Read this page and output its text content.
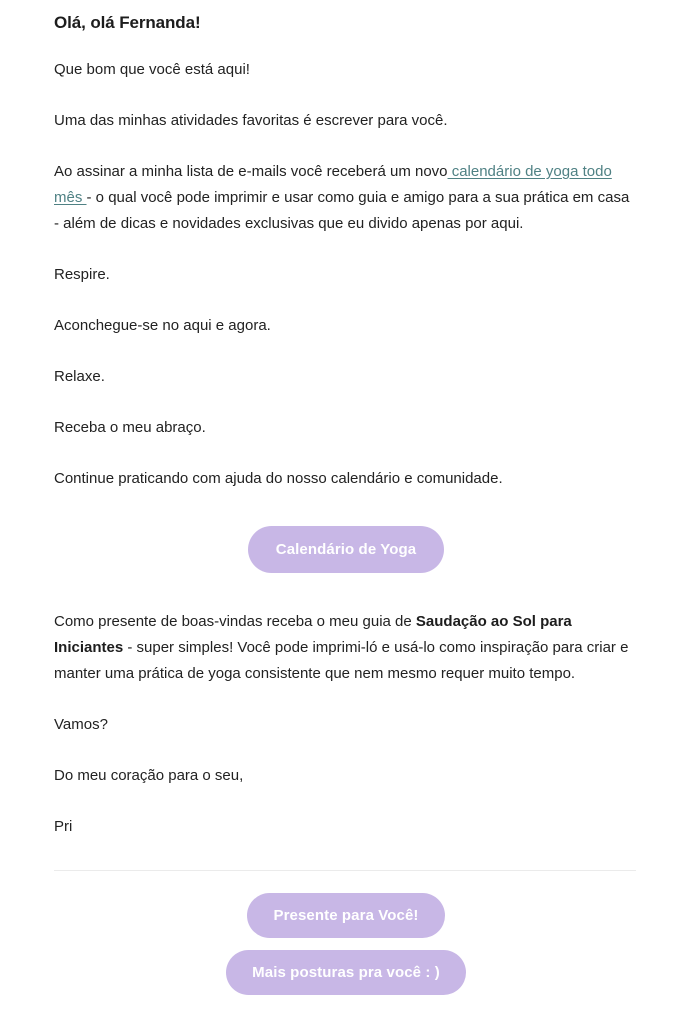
Olá, olá Fernanda!

Que bom que você está aqui!

Uma das minhas atividades favoritas é escrever para você.

Ao assinar a minha lista de e-mails você receberá um novo calendário de yoga todo mês - o qual você pode imprimir e usar como guia e amigo para a sua prática em casa - além de dicas e novidades exclusivas que eu divido apenas por aqui.

Respire.

Aconchegue-se no aqui e agora.

Relaxe.

Receba o meu abraço.

Continue praticando com ajuda do nosso calendário e comunidade.

Calendário de Yoga

Como presente de boas-vindas receba o meu guia de Saudação ao Sol para Iniciantes - super simples! Você pode imprimi-ló e usá-lo como inspiração para criar e manter uma prática de yoga consistente que nem mesmo requer muito tempo.

Vamos?

Do meu coração para o seu,

Pri

Presente para Você!
Mais posturas pra você : )
